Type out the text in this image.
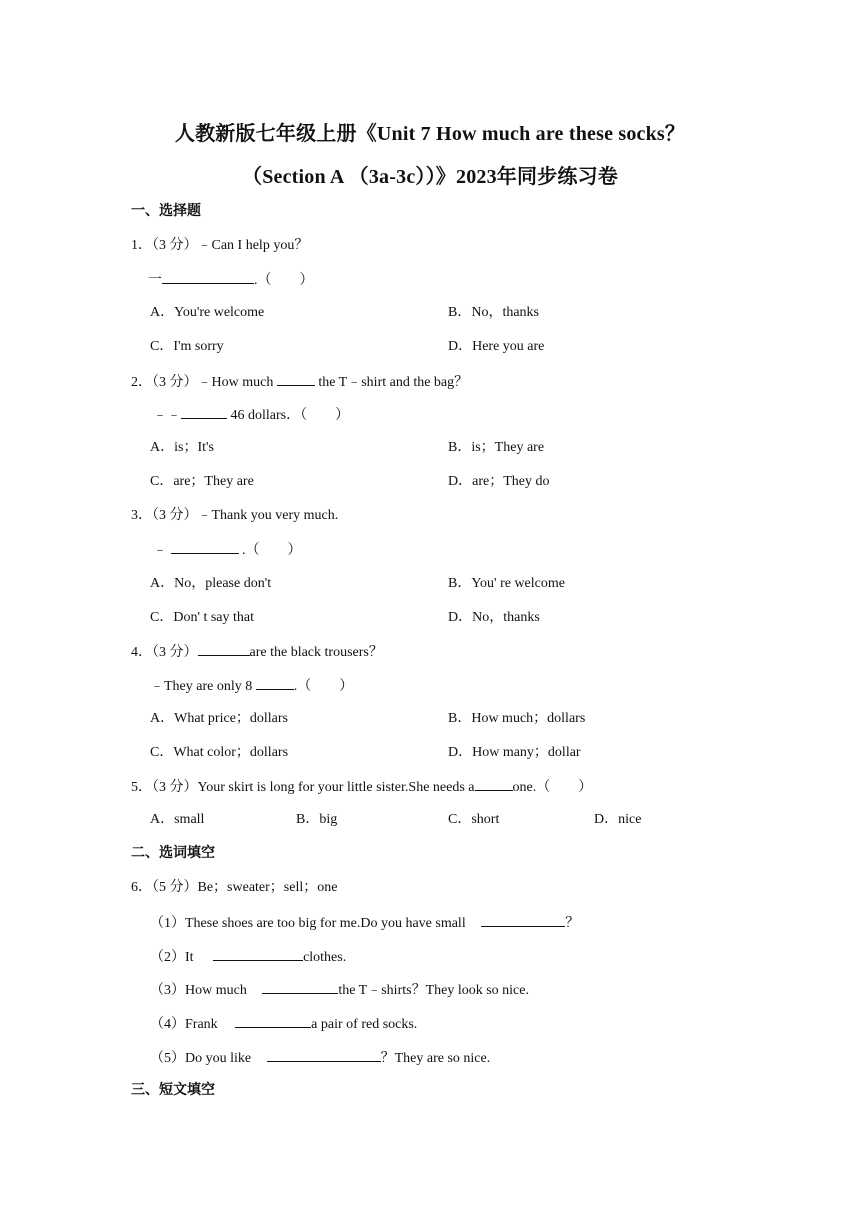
人教新版七年级上册《Unit 7 How much are these socks？
（Section A （3a-3c））》2023年同步练习卷
一、选择题
1．（3 分）﹣Can I help you？
一	.（　　）
A．You're welcome	B．No，thanks
C．I'm sorry	D．Here you are
2．（3 分）﹣How much	the T﹣shirt and the bag？
﹣﹣	46 dollars．（　　）
A．is；It's	B．is；They are
C．are；They are	D．are；They do
3．（3 分）﹣Thank you very much.
﹣	.（　　）
A．No，please don't	B．You' re welcome
C．Don' t say that	D．No，thanks
4．（3 分）	are the black trousers？
﹣They are only 8	.（　　）
A．What price；dollars	B．How much；dollars
C．What color；dollars	D．How many；dollar
5．（3 分）Your skirt is long for your little sister.She needs a	one.（　　）
A．small	B．big	C．short	D．nice
二、选词填空
6．（5 分）Be；sweater；sell；one
（1）These shoes are too big for me.Do you have small	？
（2）It	clothes.
（3）How much	the T﹣shirts？They look so nice.
（4）Frank	a pair of red socks.
（5）Do you like	？They are so nice.
三、短文填空
